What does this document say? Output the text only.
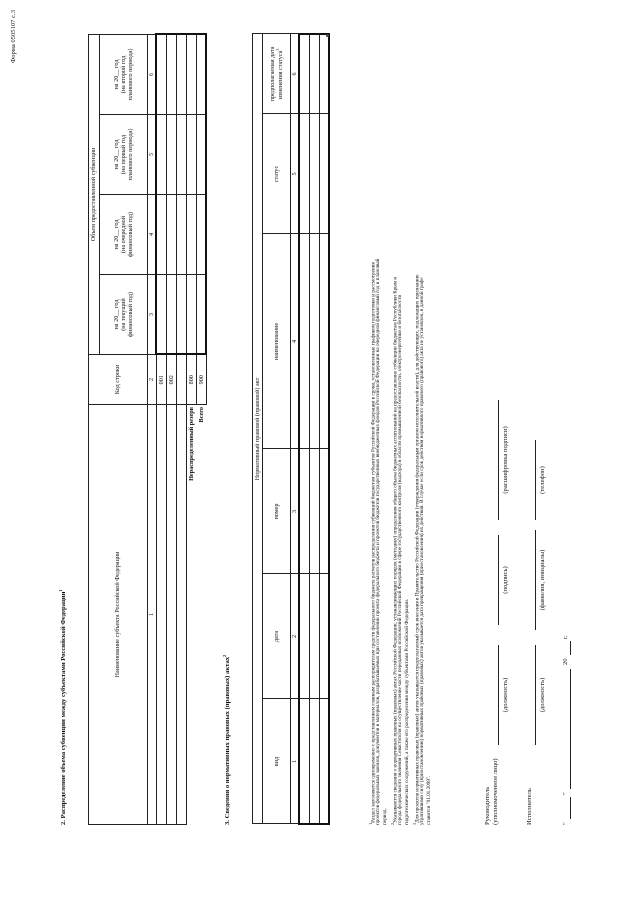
Форма 0505107 с.3
2. Распределение объема субвенции между субъектами Российской Федерации$^1$	Наименование субъекта Российской Федерации	Код строки	Объем предоставленной субвенции			
		на 20__ год
(на текущий
финансовый год)	на 20__ год
(на очередной
финансовый год)	на 20__ год
(на первый год
планового периода)	на 20__ год
(на второй год
планового периода)
1	2	3	4	5	6
	001				
	002				

Нераспределенный резерв	800				
Всего	900				
3. Сведения о нормативных правовых (правовых) актах$^2$
Нормативный правовой (правовой) акт					
вид	дата	номер	наименование	статус	предполагаемая дата
изменения статуса$^3$
1	2	3	4	5	6

$^1$Раздел заполняется одновременно с представлением главным распорядителем средств федерального бюджета расчетов распределения субвенций бюджетам субъектов Российской Федерации в сроки, установленные графиком подготовки и рассмотрения
проектов федеральных законов, документов и материалов, разрабатываемых при составлении проекта федерального бюджета и проектов бюджетов государственных внебюджетных фондов Российской Федерации на очередной финансовый год и плановый период. $^2$Указываются сведения о нормативных правовых (правовых) актах Российской Федерации, устанавливающих порядок (методику) определения общего объема бюджетных ассигнований на предоставление субвенции бюджетам Республики Крым и
города федерального значения Севастополя на осуществление части переданных полномочий Российской Федерации в сфере государственного контроля (надзора) в области промышленной безопасности, электроэнергетики и безопасности гидротехнических сооружений, а также его распределения между субъектами Российской Федерации. $^3$Для проектов нормативных правовых (правовых) актов указывается предполагаемый срок внесения в Правительство Российской Федерации (утверждения федеральным органом исполнительной власти), для действующих, подлежащих признанию
утратившими силу (приостановлению) нормативных правовых (правовых) актов указывается дата прекращения (приостановления) их действия. В случае если срок действия нормативного правового (правового) акта не установлен, в данной графе ставится "01.01.2099".	Руководитель (уполномоченное лицо)
(должность)
(подпись)
(расшифровка подписи)
Исполнитель
(должность)
(фамилия, инициалы)
(телефон)
"
"
20
г.
